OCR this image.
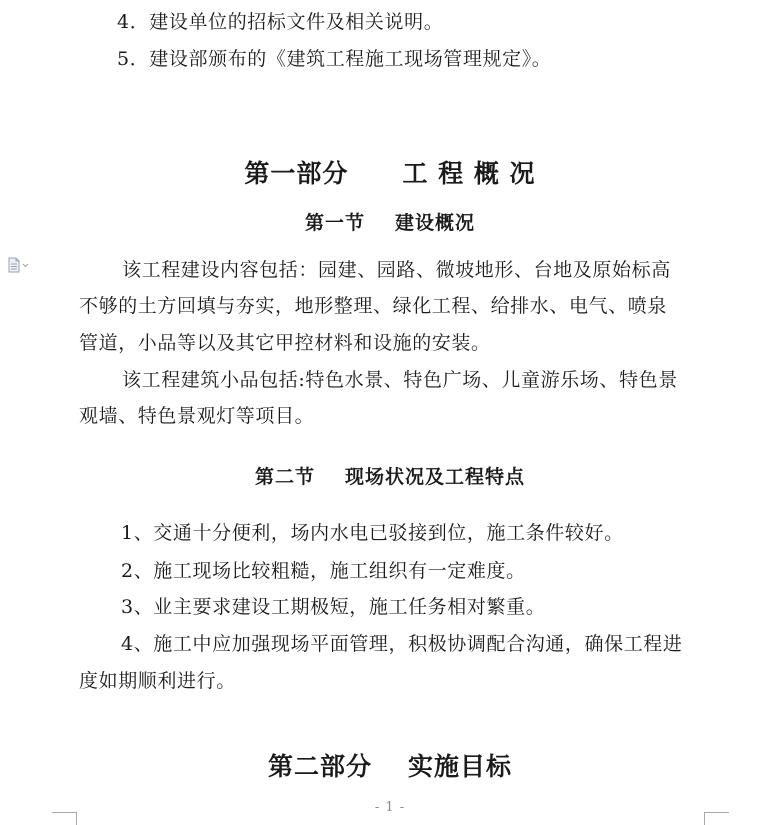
4．建设单位的招标文件及相关说明。
5．建设部颁布的《建筑工程施工现场管理规定》。
第一部分 工 程 概 况
第一节 建设概况
该工程建设内容包括：园建、园路、微坡地形、台地及原始标高
不够的土方回填与夯实，地形整理、绿化工程、给排水、电气、喷泉
管道，小品等以及其它甲控材料和设施的安装。
该工程建筑小品包括:特色水景、特色广场、儿童游乐场、特色景
观墙、特色景观灯等项目。
第二节 现场状况及工程特点
1、交通十分便利，场内水电已驳接到位，施工条件较好。
2、施工现场比较粗糙，施工组织有一定难度。
3、业主要求建设工期极短，施工任务相对繁重。
4、施工中应加强现场平面管理，积极协调配合沟通，确保工程进
度如期顺利进行。
第二部分 实施目标
- 1 -
